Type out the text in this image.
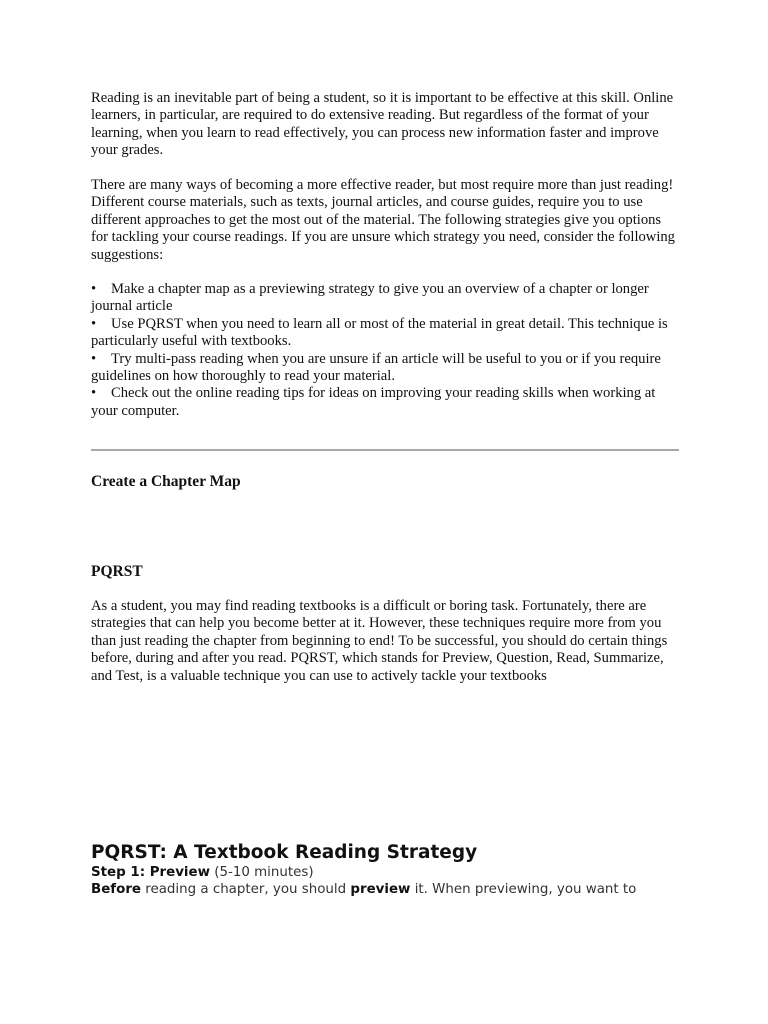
Reading is an inevitable part of being a student, so it is important to be effective at this skill. Online learners, in particular, are required to do extensive reading. But regardless of the format of your learning, when you learn to read effectively, you can process new information faster and improve your grades.

There are many ways of becoming a more effective reader, but most require more than just reading! Different course materials, such as texts, journal articles, and course guides, require you to use different approaches to get the most out of the material. The following strategies give you options for tackling your course readings. If you are unsure which strategy you need, consider the following suggestions:

• Make a chapter map as a previewing strategy to give you an overview of a chapter or longer journal article

• Use PQRST when you need to learn all or most of the material in great detail. This technique is particularly useful with textbooks.

• Try multi-pass reading when you are unsure if an article will be useful to you or if you require guidelines on how thoroughly to read your material.

• Check out the online reading tips for ideas on improving your reading skills when working at your computer.

Create a Chapter Map
PQRST

As a student, you may find reading textbooks is a difficult or boring task. Fortunately, there are strategies that can help you become better at it. However, these techniques require more from you than just reading the chapter from beginning to end! To be successful, you should do certain things before, during and after you read. PQRST, which stands for Preview, Question, Read, Summarize, and Test, is a valuable technique you can use to actively tackle your textbooks

PQRST: A Textbook Reading Strategy

Step 1: Preview (5-10 minutes)

Before reading a chapter, you should preview it. When previewing, you want to
